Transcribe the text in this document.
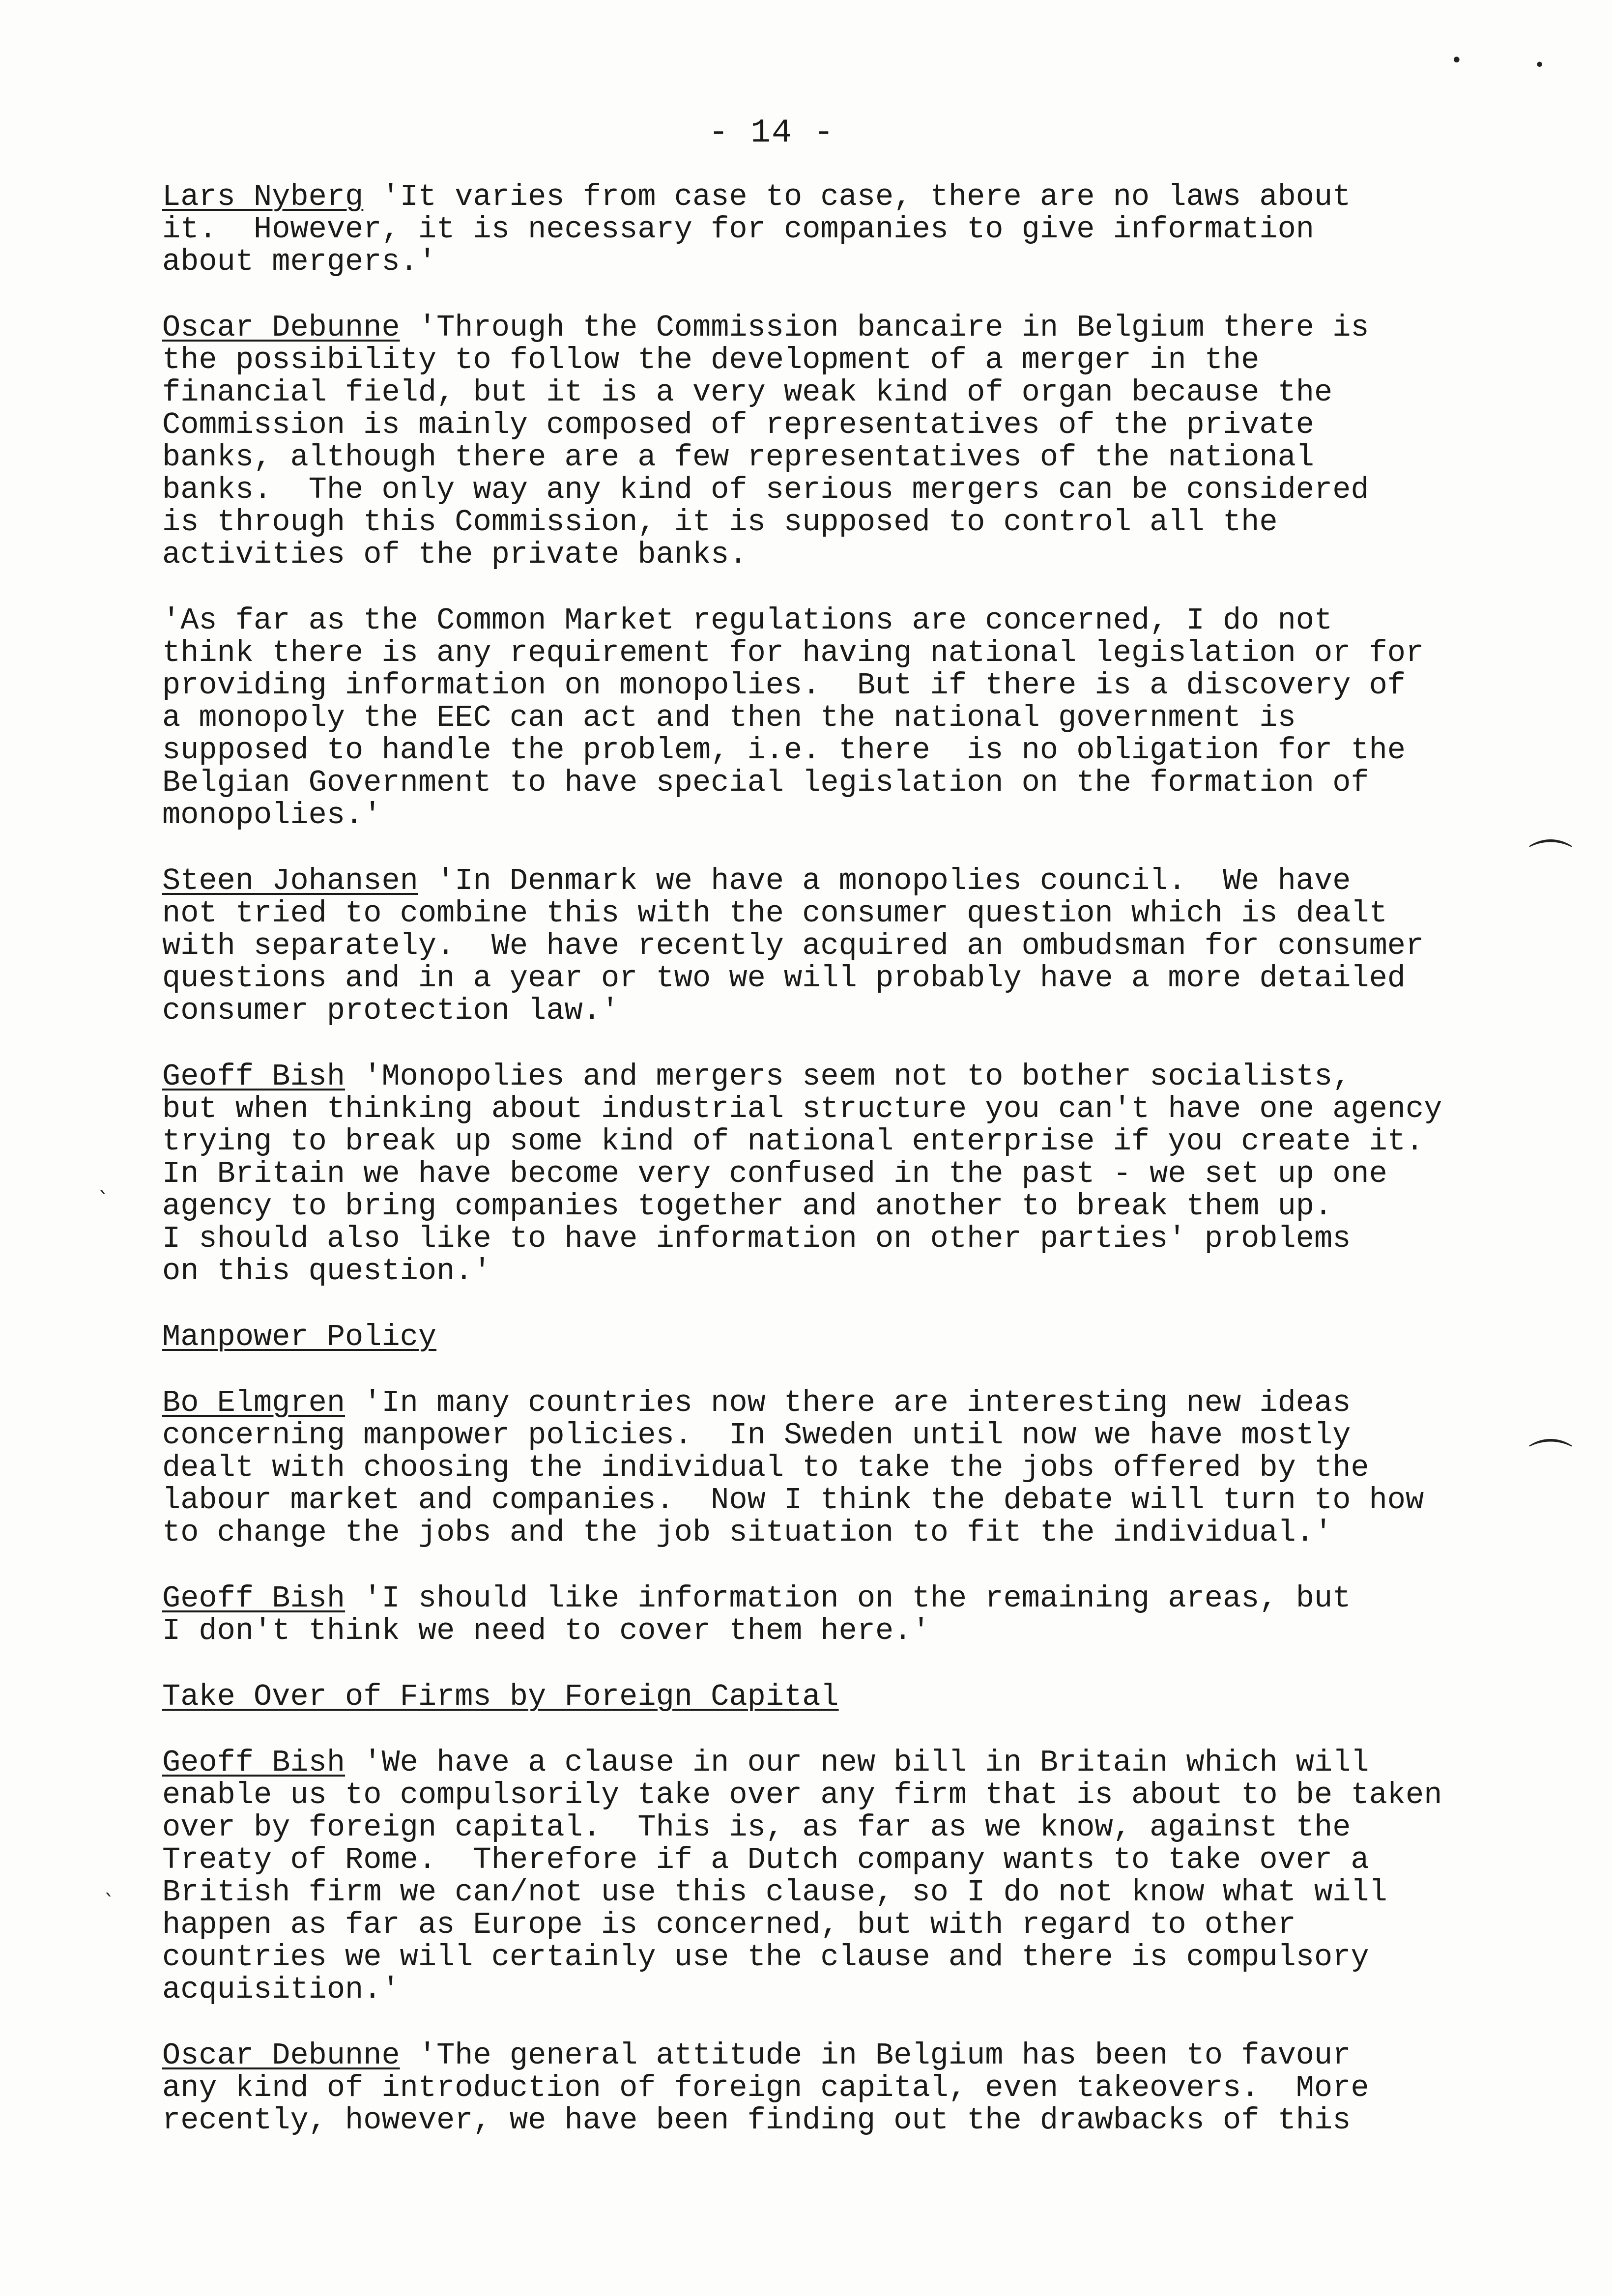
- 14 -
•	•
⌒
⌒
ˎ
ˎ

Lars Nyberg 'It varies from case to case, there are no laws about
it.  However, it is necessary for companies to give information
about mergers.'

Oscar Debunne 'Through the Commission bancaire in Belgium there is
the possibility to follow the development of a merger in the
financial field, but it is a very weak kind of organ because the
Commission is mainly composed of representatives of the private
banks, although there are a few representatives of the national
banks.  The only way any kind of serious mergers can be considered
is through this Commission, it is supposed to control all the
activities of the private banks.

'As far as the Common Market regulations are concerned, I do not
think there is any requirement for having national legislation or for
providing information on monopolies.  But if there is a discovery of
a monopoly the EEC can act and then the national government is
supposed to handle the problem, i.e. there  is no obligation for the
Belgian Government to have special legislation on the formation of
monopolies.'

Steen Johansen 'In Denmark we have a monopolies council.  We have
not tried to combine this with the consumer question which is dealt
with separately.  We have recently acquired an ombudsman for consumer
questions and in a year or two we will probably have a more detailed
consumer protection law.'

Geoff Bish 'Monopolies and mergers seem not to bother socialists,
but when thinking about industrial structure you can't have one agency
trying to break up some kind of national enterprise if you create it.
In Britain we have become very confused in the past - we set up one
agency to bring companies together and another to break them up.
I should also like to have information on other parties' problems
on this question.'

Manpower Policy

Bo Elmgren 'In many countries now there are interesting new ideas
concerning manpower policies.  In Sweden until now we have mostly
dealt with choosing the individual to take the jobs offered by the
labour market and companies.  Now I think the debate will turn to how
to change the jobs and the job situation to fit the individual.'

Geoff Bish 'I should like information on the remaining areas, but
I don't think we need to cover them here.'

Take Over of Firms by Foreign Capital

Geoff Bish 'We have a clause in our new bill in Britain which will
enable us to compulsorily take over any firm that is about to be taken
over by foreign capital.  This is, as far as we know, against the
Treaty of Rome.  Therefore if a Dutch company wants to take over a
British firm we can/not use this clause, so I do not know what will
happen as far as Europe is concerned, but with regard to other
countries we will certainly use the clause and there is compulsory
acquisition.'

Oscar Debunne 'The general attitude in Belgium has been to favour
any kind of introduction of foreign capital, even takeovers.  More
recently, however, we have been finding out the drawbacks of this
